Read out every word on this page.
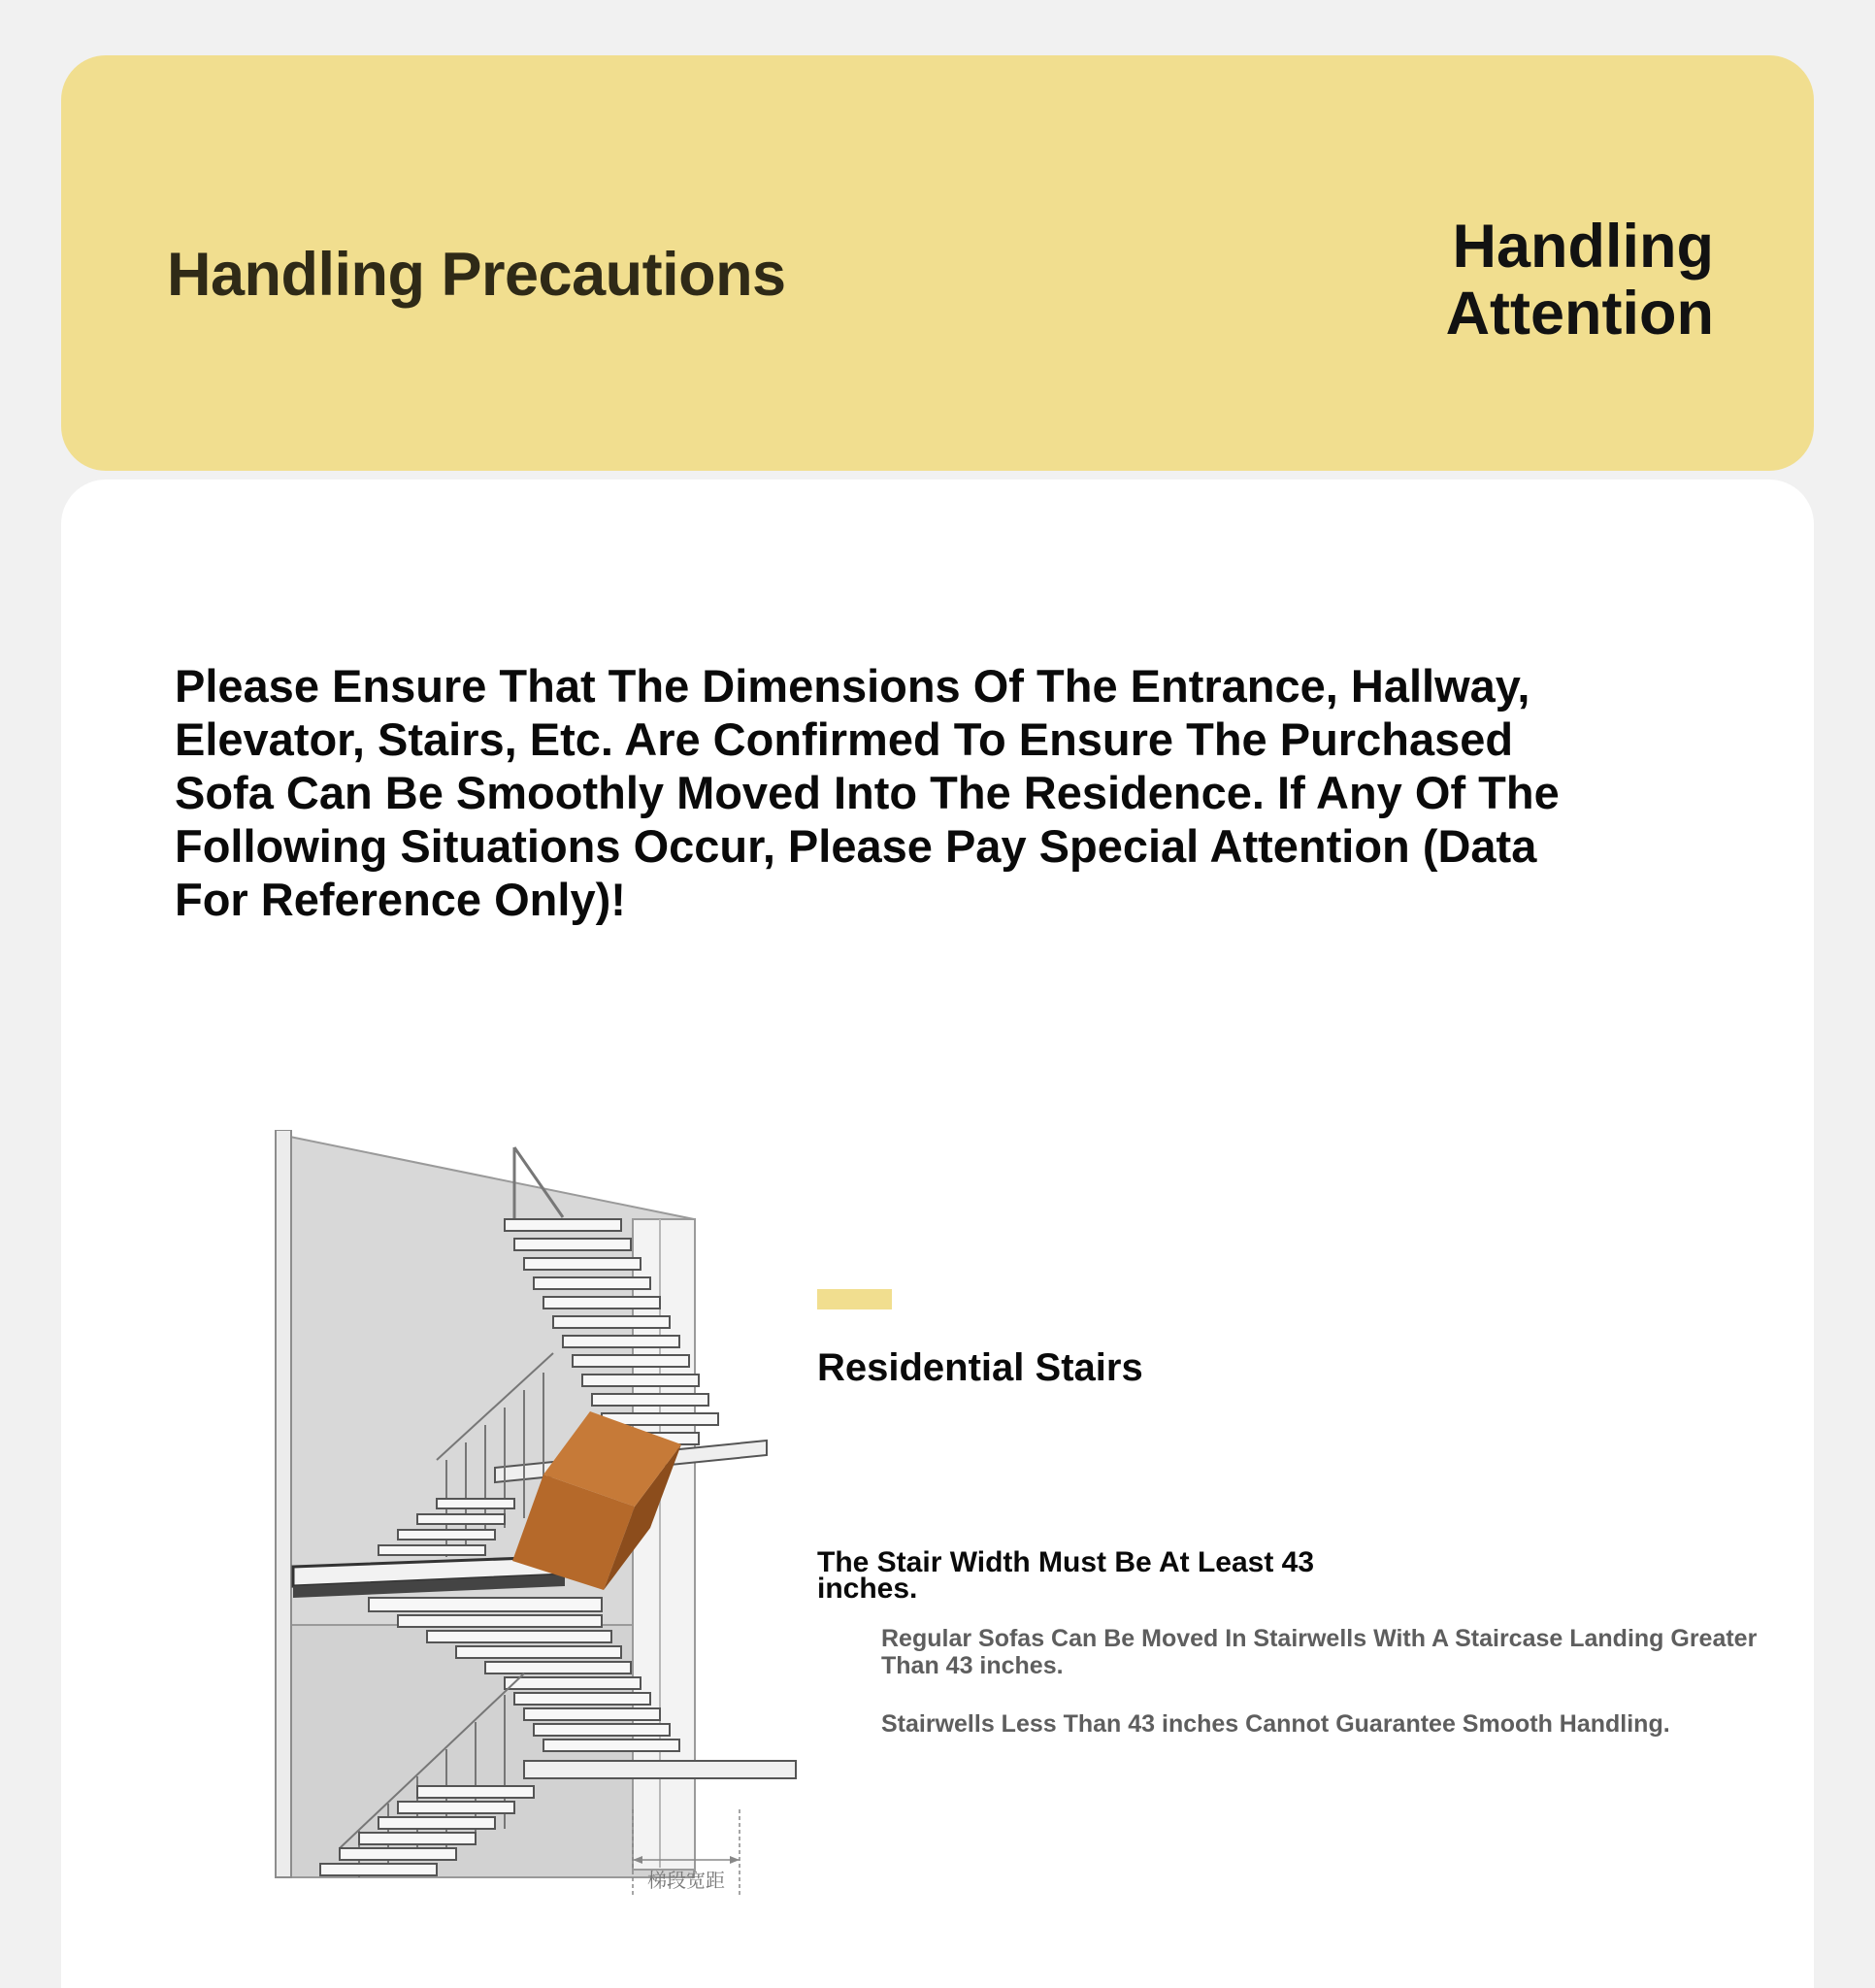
Handling Precautions	Handling
Attention
Please Ensure That The Dimensions Of The Entrance, Hallway, Elevator, Stairs, Etc. Are Confirmed To Ensure The Purchased Sofa Can Be Smoothly Moved Into The Residence. If Any Of The Following Situations Occur, Please Pay Special Attention (Data For Reference Only)!
梯段宽距
Residential Stairs
The Stair Width Must Be At Least 43 inches.
Regular Sofas Can Be Moved In Stairwells With A Staircase Landing Greater Than 43 inches.
Stairwells Less Than 43 inches Cannot Guarantee Smooth Handling.
